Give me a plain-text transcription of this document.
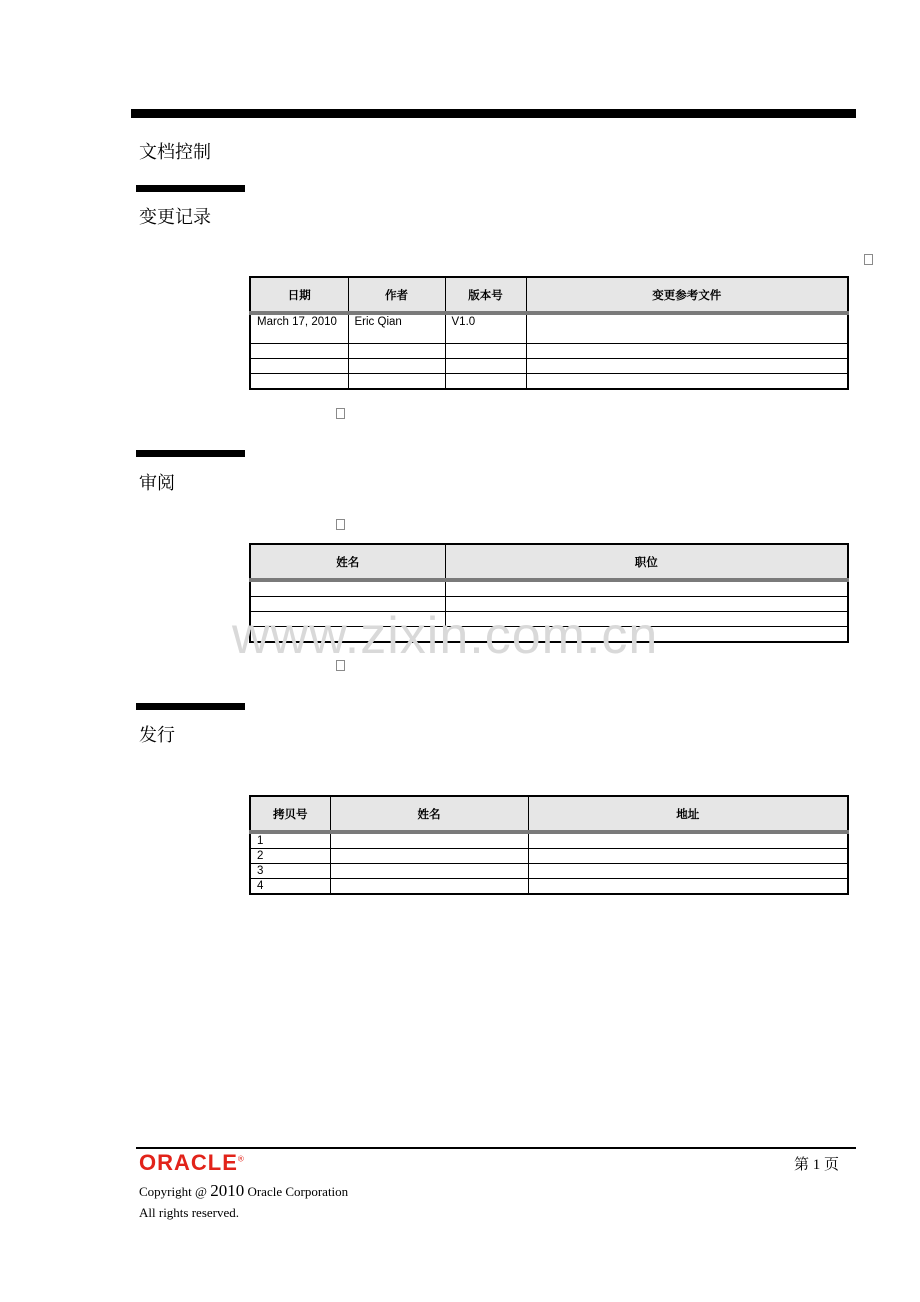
文档控制
变更记录
日期	作者	版本号	变更参考文件
March 17, 2010	Eric Qian	V1.0	

审阅
姓名	职位

www.zixin.com.cn
发行
拷贝号	姓名	地址
1		
2		
3		
4		
ORACLE®	第 1 页
Copyright @ 2010 Oracle Corporation
All rights reserved.
